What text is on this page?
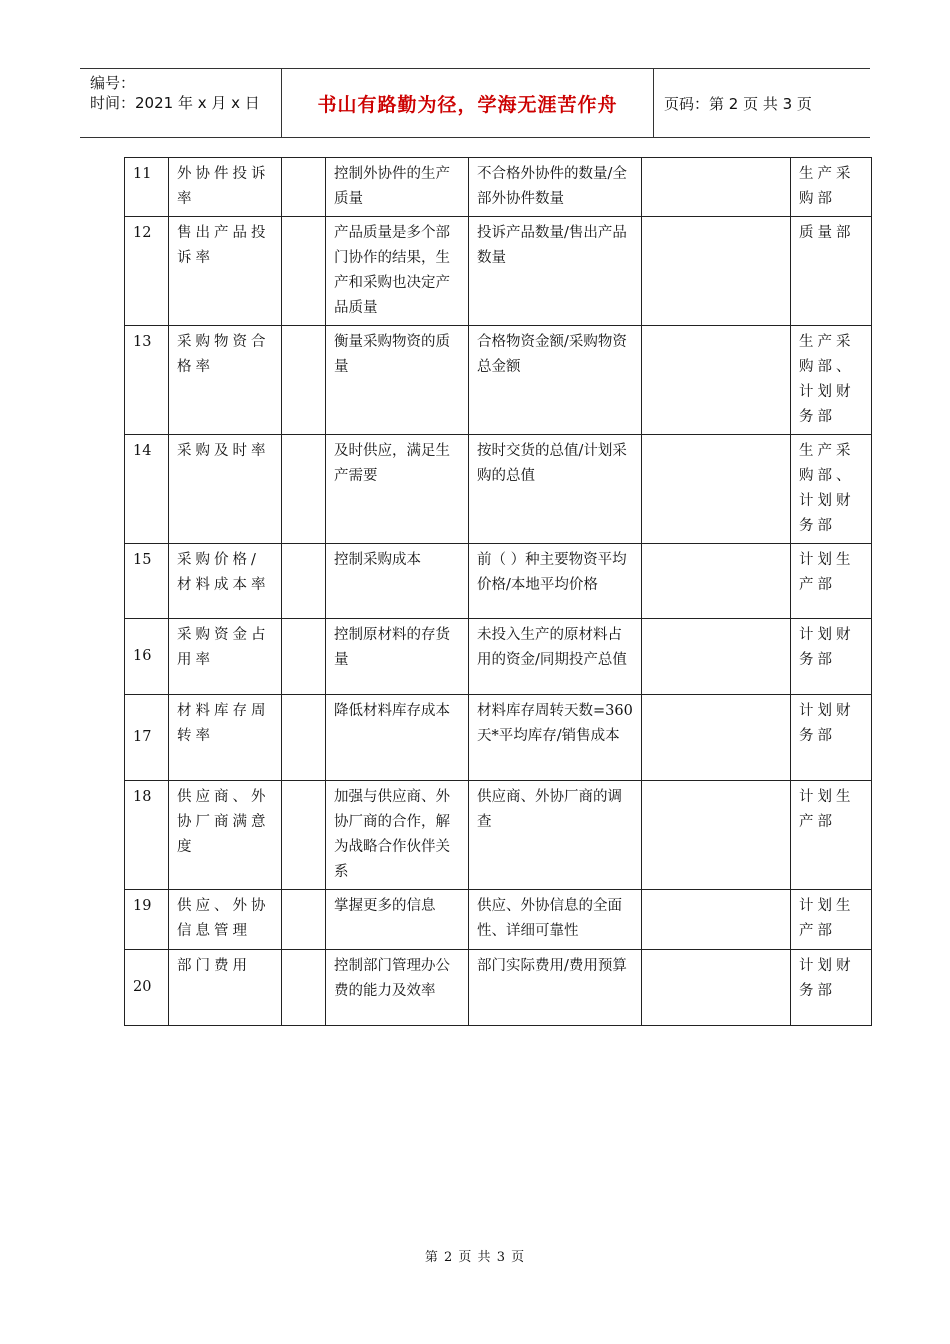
编号：
时间：2021 年 x 月 x 日	书山有路勤为径，学海无涯苦作舟	页码：第 2 页 共 3 页
11	外协件投诉率		控制外协件的生产质量	不合格外协件的数量/全部外协件数量		生产采购部
12	售出产品投诉率		产品质量是多个部门协作的结果，生产和采购也决定产品质量	投诉产品数量/售出产品数量		质量部
13	采购物资合格率		衡量采购物资的质量	合格物资金额/采购物资总金额		生产采购部、计划财务部
14	采购及时率		及时供应，满足生产需要	按时交货的总值/计划采购的总值		生产采购部、计划财务部
15	采购价格/材料成本率		控制采购成本	前（ ）种主要物资平均价格/本地平均价格		计划生产部
16	采购资金占用率		控制原材料的存货量	未投入生产的原材料占用的资金/同期投产总值		计划财务部
17	材料库存周转率		降低材料库存成本	材料库存周转天数=360 天*平均库存/销售成本		计划财务部
18	供应商、外协厂商满意度		加强与供应商、外协厂商的合作，解为战略合作伙伴关系	供应商、外协厂商的调查		计划生产部
19	供应、外协信息管理		掌握更多的信息	供应、外协信息的全面性、详细可靠性		计划生产部
20	部门费用		控制部门管理办公费的能力及效率	部门实际费用/费用预算		计划财务部
第 2 页 共 3 页
